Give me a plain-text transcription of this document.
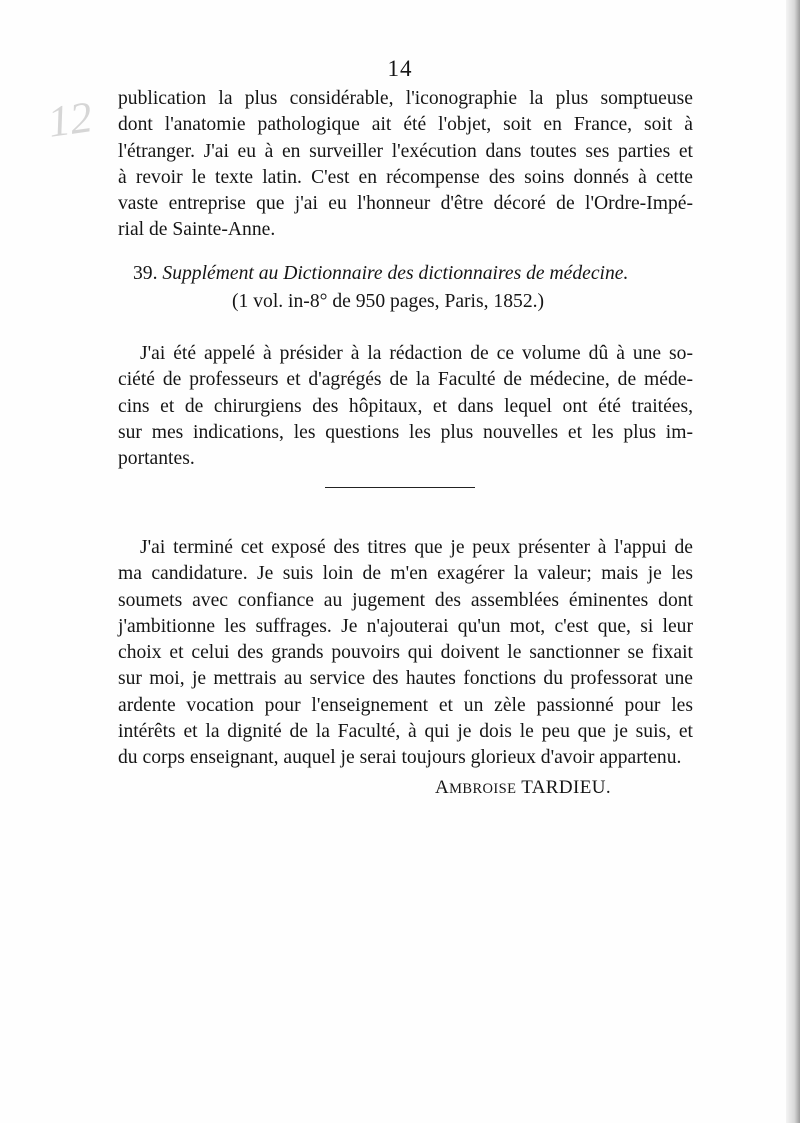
12
14
publication la plus considérable, l'iconographie la plus somptueuse
dont l'anatomie pathologique ait été l'objet, soit en France, soit à
l'étranger. J'ai eu à en surveiller l'exécution dans toutes ses parties et
à revoir le texte latin. C'est en récompense des soins donnés à cette
vaste entreprise que j'ai eu l'honneur d'être décoré de l'Ordre-Impé-
rial de Sainte-Anne.
39. Supplément au Dictionnaire des dictionnaires de médecine.
(1 vol. in-8° de 950 pages, Paris, 1852.)
J'ai été appelé à présider à la rédaction de ce volume dû à une so-
ciété de professeurs et d'agrégés de la Faculté de médecine, de méde-
cins et de chirurgiens des hôpitaux, et dans lequel ont été traitées,
sur mes indications, les questions les plus nouvelles et les plus im-
portantes.
J'ai terminé cet exposé des titres que je peux présenter à l'appui de
ma candidature. Je suis loin de m'en exagérer la valeur; mais je les
soumets avec confiance au jugement des assemblées éminentes dont
j'ambitionne les suffrages. Je n'ajouterai qu'un mot, c'est que, si leur
choix et celui des grands pouvoirs qui doivent le sanctionner se fixait
sur moi, je mettrais au service des hautes fonctions du professorat une
ardente vocation pour l'enseignement et un zèle passionné pour les
intérêts et la dignité de la Faculté, à qui je dois le peu que je suis, et
du corps enseignant, auquel je serai toujours glorieux d'avoir appartenu.
AMBROISE TARDIEU.
